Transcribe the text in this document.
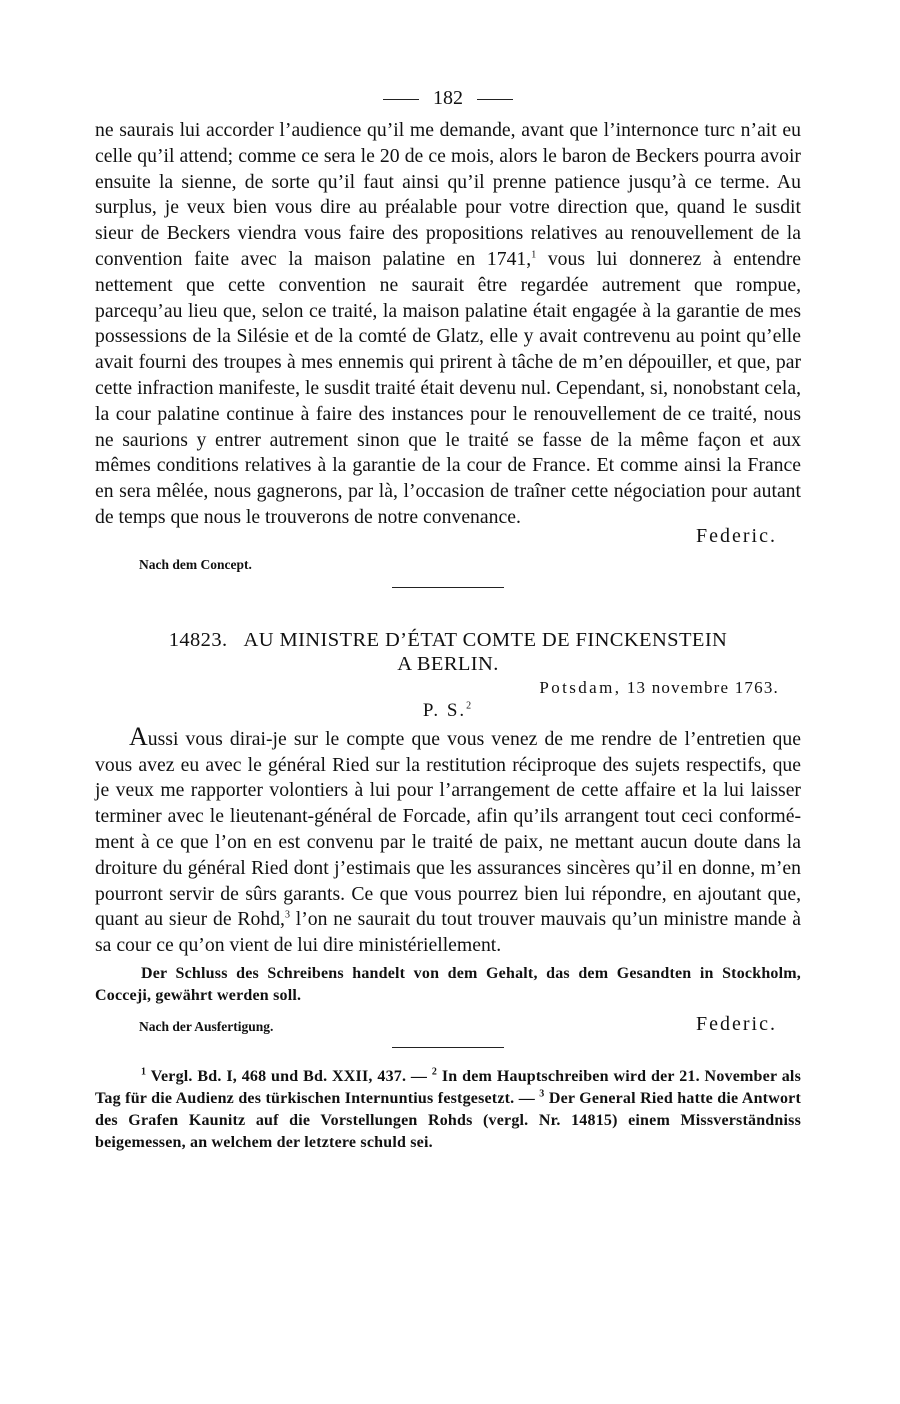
182

ne saurais lui accorder l’audience qu’il me demande, avant que l’internonce turc n’ait eu celle qu’il attend; comme ce sera le 20 de ce mois, alors le baron de Beckers pourra avoir ensuite la sienne, de sorte qu’il faut ainsi qu’il prenne patience jusqu’à ce terme. Au surplus, je veux bien vous dire au préalable pour votre direction que, quand le susdit sieur de Beckers viendra vous faire des propositions relatives au renouvellement de la convention faite avec la maison palatine en 1741,$^1$ vous lui donnerez à entendre nettement que cette convention ne saurait être regardée autrement que rompue, parcequ’au lieu que, selon ce traité, la maison palatine était engagée à la garantie de mes possessions de la Silésie et de la comté de Glatz, elle y avait contrevenu au point qu’elle avait fourni des troupes à mes ennemis qui prirent à tâche de m’en dépouiller, et que, par cette infraction manifeste, le susdit traité était devenu nul. Cependant, si, nonobstant cela, la cour palatine continue à faire des instances pour le renouvellement de ce traité, nous ne saurions y entrer autrement sinon que le traité se fasse de la même façon et aux mêmes conditions relatives à la garantie de la cour de France. Et comme ainsi la France en sera mêlée, nous gagnerons, par là, l’occasion de traîner cette négociation pour autant de temps que nous le trouverons de notre convenance.

Federic.
Nach dem Concept.

14823. AU MINISTRE D’ÉTAT COMTE DE FINCKENSTEIN

A BERLIN.

Potsdam, 13 novembre 1763.
P. S.$^2$

Aussi vous dirai-je sur le compte que vous venez de me rendre de l’entretien que vous avez eu avec le général Ried sur la restitution réciproque des sujets respectifs, que je veux me rapporter volontiers à lui pour l’arrangement de cette affaire et la lui laisser terminer avec le lieutenant-général de Forcade, afin qu’ils arrangent tout ceci conformément à ce que l’on en est convenu par le traité de paix, ne mettant aucun doute dans la droiture du général Ried dont j’estimais que les assurances sincères qu’il en donne, m’en pourront servir de sûrs garants. Ce que vous pourrez bien lui répondre, en ajoutant que, quant au sieur de Rohd,$^3$ l’on ne saurait du tout trouver mauvais qu’un ministre mande à sa cour ce qu’on vient de lui dire ministériellement.

Der Schluss des Schreibens handelt von dem Gehalt, das dem Gesandten in Stockholm, Cocceji, gewährt werden soll.

Nach der Ausfertigung.	Federic.

$^1$ Vergl. Bd. I, 468 und Bd. XXII, 437. — $^2$ In dem Hauptschreiben wird der 21. November als Tag für die Audienz des türkischen Internuntius festgesetzt. — $^3$ Der General Ried hatte die Antwort des Grafen Kaunitz auf die Vorstellungen Rohds (vergl. Nr. 14815) einem Missverständniss beigemessen, an welchem der letztere schuld sei.
